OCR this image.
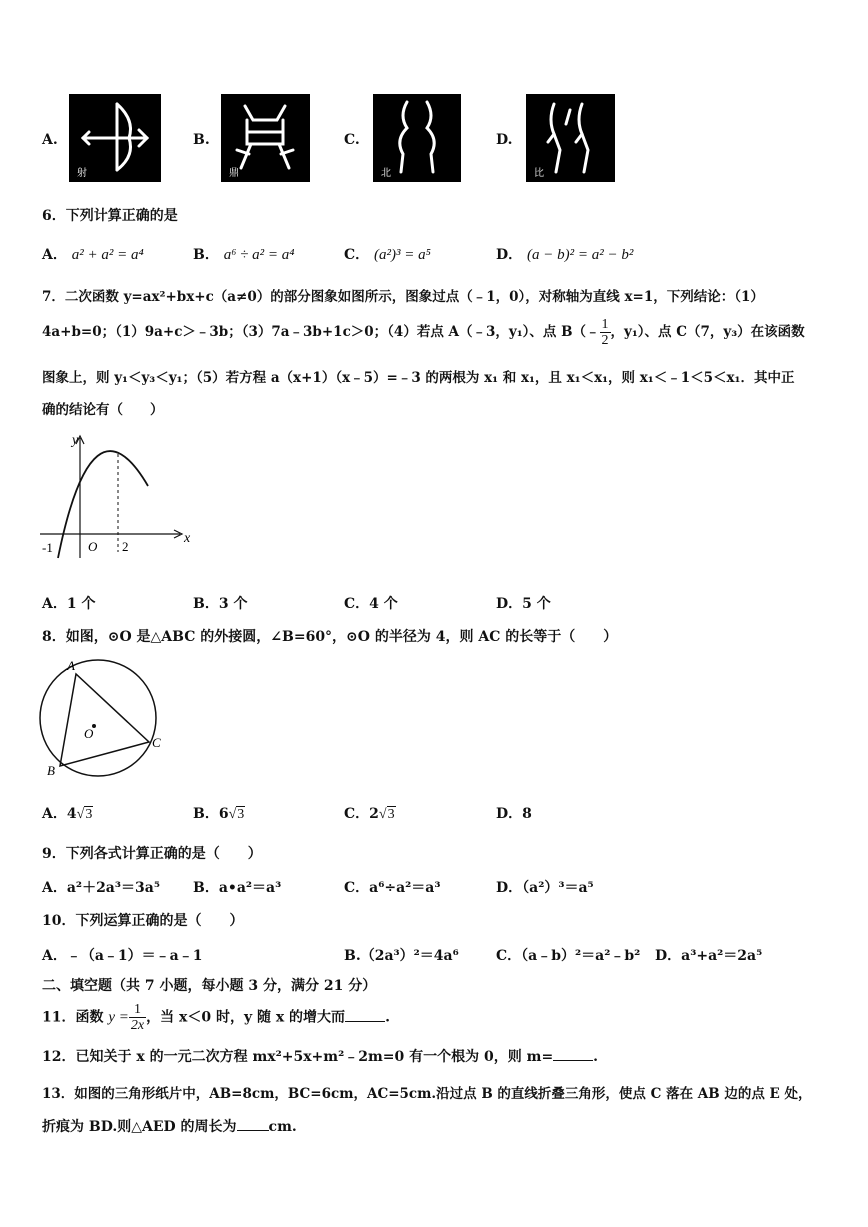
A.
射
B.
鼎
C.
北
D.
比
6．下列计算正确的是
A． a² + a² = a⁴	B． a⁶ ÷ a² = a⁴	C． (a²)³ = a⁵	D． (a − b)² = a² − b²
7．二次函数 y=ax²+bx+c（a≠0）的部分图象如图所示，图象过点（﹣1，0），对称轴为直线 x=1，下列结论：（1）
4a+b=0；（1）9a+c＞﹣3b；（3）7a﹣3b+1c＞0；（4）若点 A（﹣3，y₁）、点 B（﹣ $\frac{1}{2}$ ，y₁）、点 C（7，y₃）在该函数
图象上，则 y₁＜y₃＜y₁；（5）若方程 a（x+1）（x﹣5）=﹣3 的两根为 x₁ 和 x₁，且 x₁＜x₁，则 x₁＜﹣1＜5＜x₁．其中正
确的结论有（　　）
y
x
-1	O 2
A．1 个	B．3 个	C．4 个	D．5 个
8．如图，⊙O 是△ABC 的外接圆，∠B=60°，⊙O 的半径为 4，则 AC 的长等于（　　）
A
B
C
O
A．4√3	B．6√3	C．2√3	D．8
9．下列各式计算正确的是（　　）
A．a²＋2a³＝3a⁵ B．a•a²＝a³	C．a⁶÷a²＝a³	D．（a²）³＝a⁵
10．下列运算正确的是（　　）
A．﹣（a﹣1）＝﹣a﹣1	B.（2a³）²＝4a⁶	C．（a﹣b）²＝a²﹣b² D．a³+a²＝2a⁵
二、填空题（共 7 小题，每小题 3 分，满分 21 分）
11．函数 $y = \frac{1}{2x}$ ，当 x＜0 时，y 随 x 的增大而	.
12．已知关于 x 的一元二次方程 mx²+5x+m²﹣2m=0 有一个根为 0，则 m=	.
13．如图的三角形纸片中，AB=8cm，BC=6cm，AC=5cm.沿过点 B 的直线折叠三角形，使点 C 落在 AB 边的点 E 处，
折痕为 BD.则△AED 的周长为 cm.
